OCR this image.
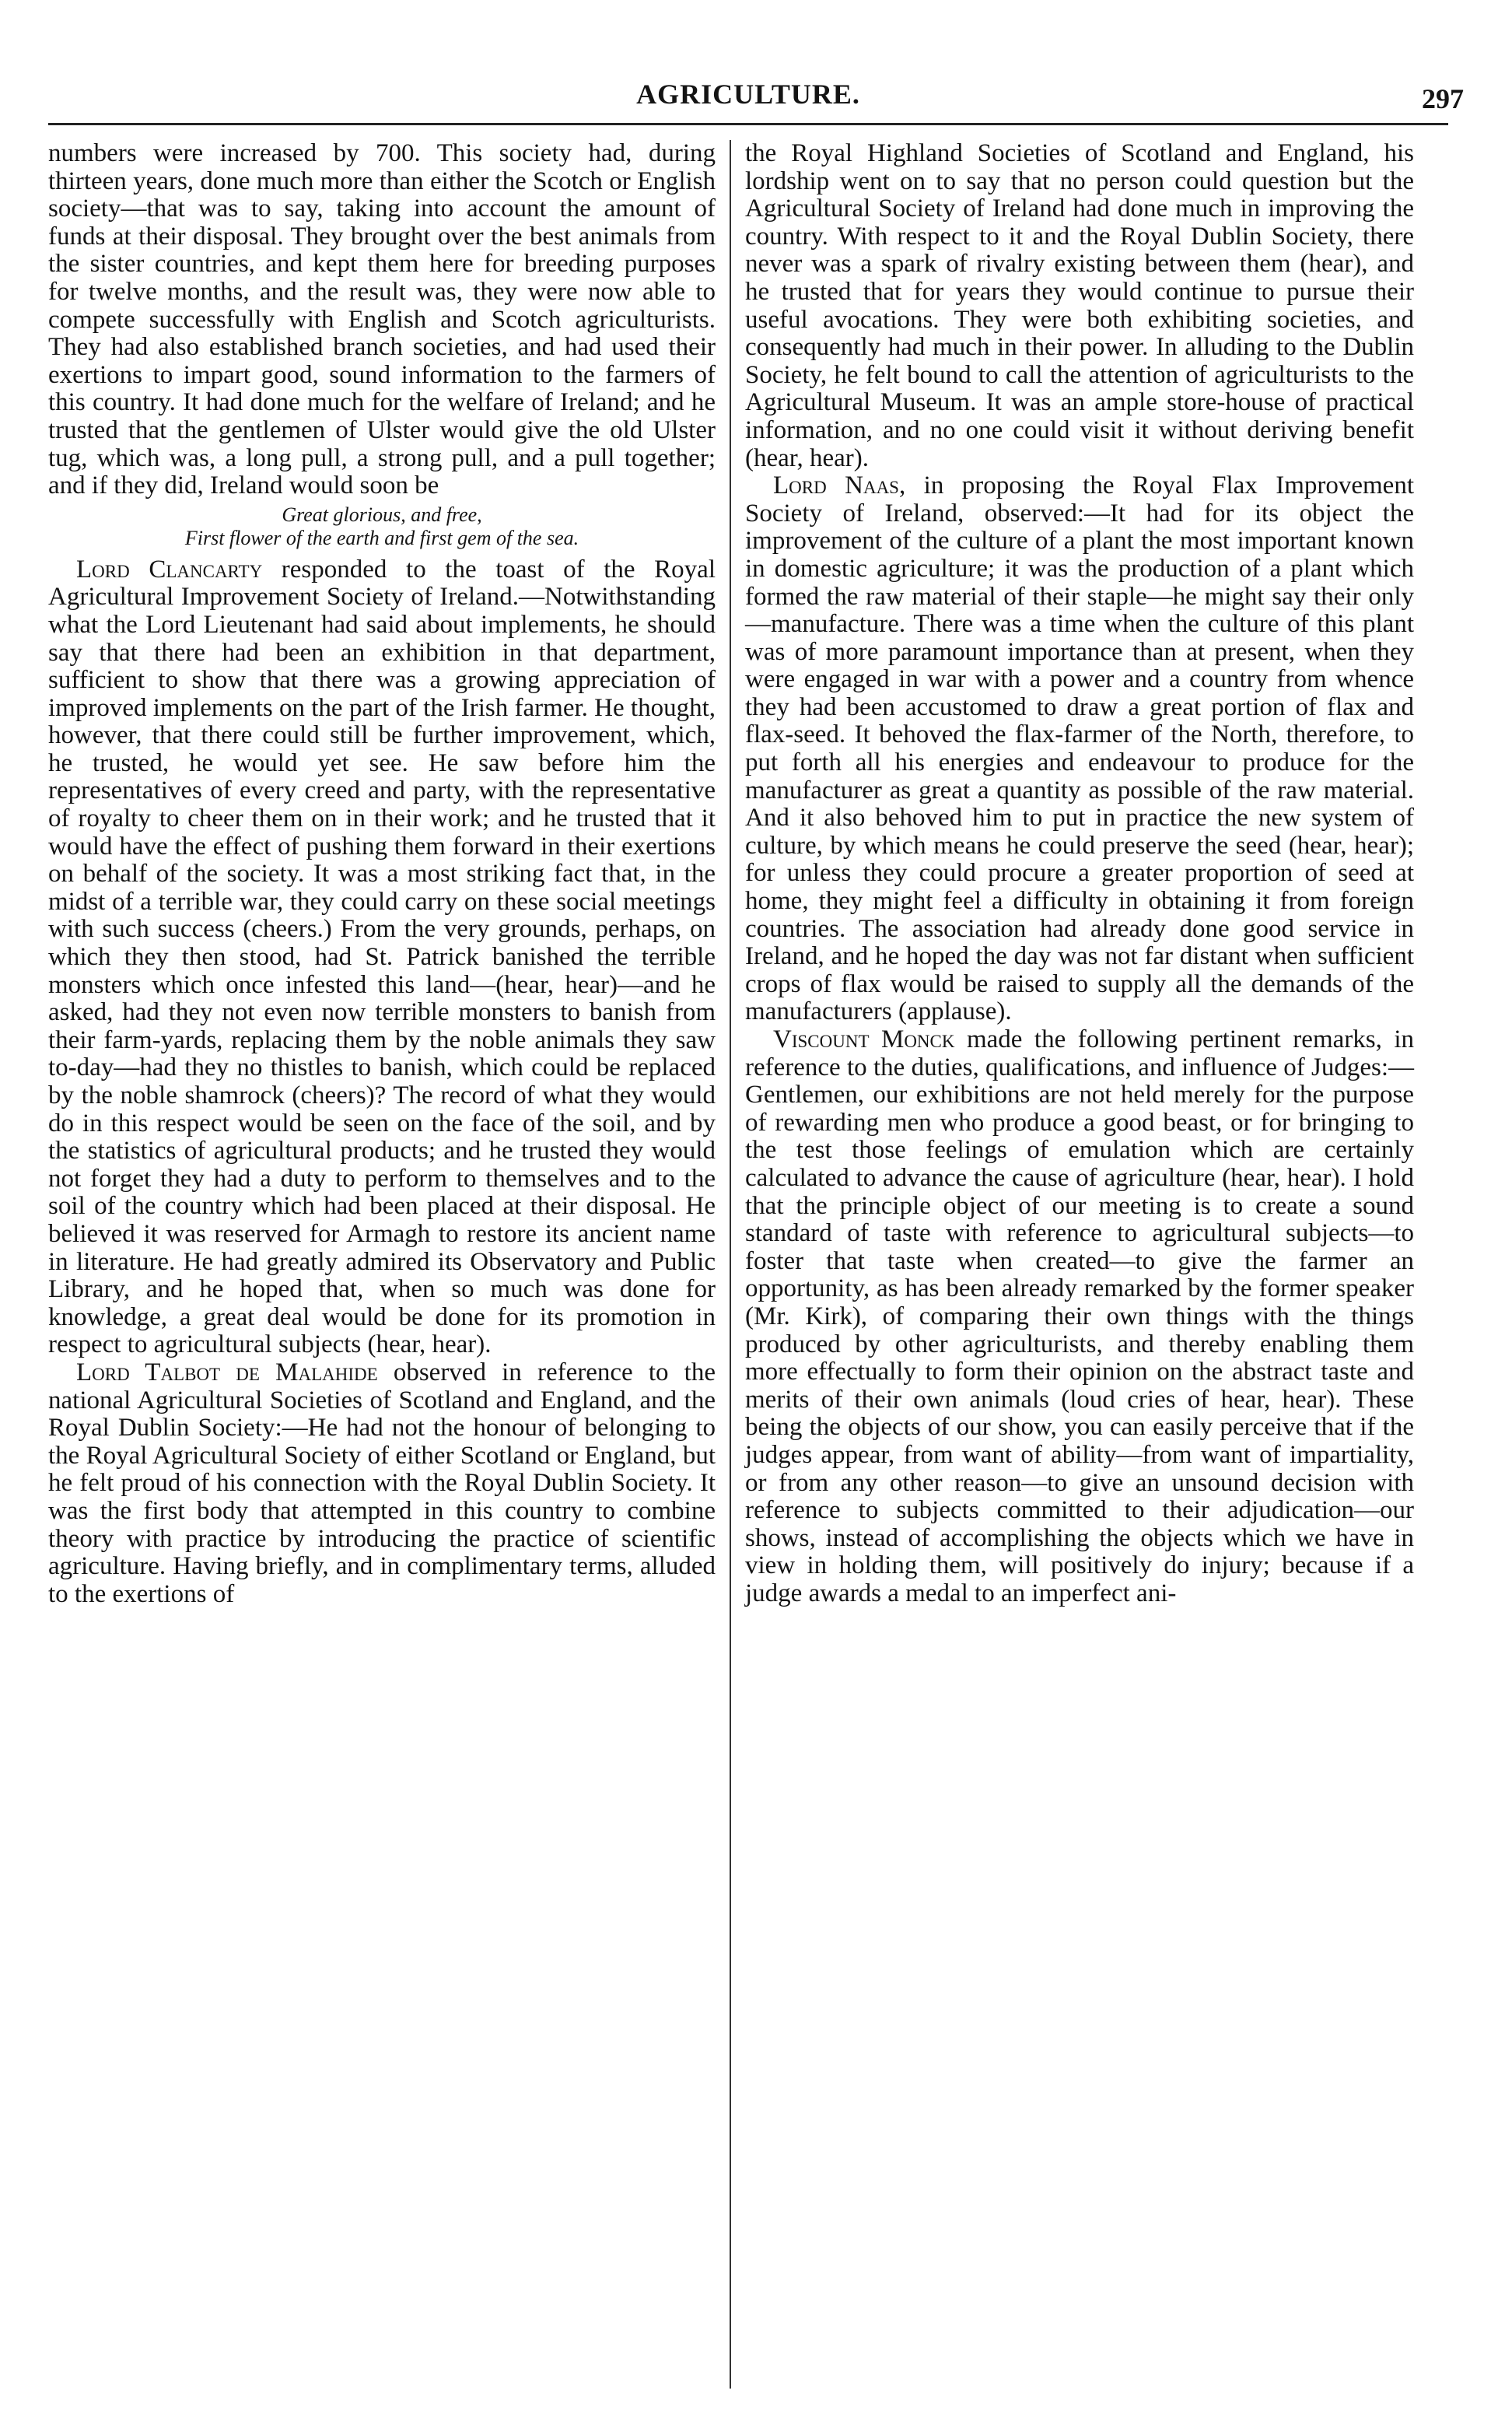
AGRICULTURE.	297

numbers were increased by 700. This society had, during thirteen years, done much more than either the Scotch or English society—that was to say, taking into account the amount of funds at their disposal. They brought over the best animals from the sister countries, and kept them here for breeding purposes for twelve months, and the result was, they were now able to compete successfully with English and Scotch agriculturists. They had also established branch societies, and had used their exertions to impart good, sound information to the farmers of this country. It had done much for the welfare of Ireland; and he trusted that the gentlemen of Ulster would give the old Ulster tug, which was, a long pull, a strong pull, and a pull together; and if they did, Ireland would soon be

Great glorious, and free,
First flower of the earth and first gem of the sea.

Lord Clancarty responded to the toast of the Royal Agricultural Improvement Society of Ireland.—Notwithstanding what the Lord Lieutenant had said about implements, he should say that there had been an exhibition in that department, sufficient to show that there was a growing appreciation of improved implements on the part of the Irish farmer. He thought, however, that there could still be further improvement, which, he trusted, he would yet see. He saw before him the representatives of every creed and party, with the representative of royalty to cheer them on in their work; and he trusted that it would have the effect of pushing them forward in their exertions on behalf of the society. It was a most striking fact that, in the midst of a terrible war, they could carry on these social meetings with such success (cheers.) From the very grounds, perhaps, on which they then stood, had St. Patrick banished the terrible monsters which once infested this land—(hear, hear)—and he asked, had they not even now terrible monsters to banish from their farm-yards, replacing them by the noble animals they saw to-day—had they no thistles to banish, which could be replaced by the noble shamrock (cheers)? The record of what they would do in this respect would be seen on the face of the soil, and by the statistics of agricultural products; and he trusted they would not forget they had a duty to perform to themselves and to the soil of the country which had been placed at their disposal. He believed it was reserved for Armagh to restore its ancient name in literature. He had greatly admired its Observatory and Public Library, and he hoped that, when so much was done for knowledge, a great deal would be done for its promotion in respect to agricultural subjects (hear, hear).

Lord Talbot de Malahide observed in reference to the national Agricultural Societies of Scotland and England, and the Royal Dublin Society:—He had not the honour of belonging to the Royal Agricultural Society of either Scotland or England, but he felt proud of his connection with the Royal Dublin Society. It was the first body that attempted in this country to combine theory with practice by introducing the practice of scientific agriculture. Having briefly, and in complimentary terms, alluded to the exertions of

the Royal Highland Societies of Scotland and England, his lordship went on to say that no person could question but the Agricultural Society of Ireland had done much in improving the country. With respect to it and the Royal Dublin Society, there never was a spark of rivalry existing between them (hear), and he trusted that for years they would continue to pursue their useful avocations. They were both exhibiting societies, and consequently had much in their power. In alluding to the Dublin Society, he felt bound to call the attention of agriculturists to the Agricultural Museum. It was an ample store-house of practical information, and no one could visit it without deriving benefit (hear, hear).

Lord Naas, in proposing the Royal Flax Improvement Society of Ireland, observed:—It had for its object the improvement of the culture of a plant the most important known in domestic agriculture; it was the production of a plant which formed the raw material of their staple—he might say their only—manufacture. There was a time when the culture of this plant was of more paramount importance than at present, when they were engaged in war with a power and a country from whence they had been accustomed to draw a great portion of flax and flax-seed. It behoved the flax-farmer of the North, therefore, to put forth all his energies and endeavour to produce for the manufacturer as great a quantity as possible of the raw material. And it also behoved him to put in practice the new system of culture, by which means he could preserve the seed (hear, hear); for unless they could procure a greater proportion of seed at home, they might feel a difficulty in obtaining it from foreign countries. The association had already done good service in Ireland, and he hoped the day was not far distant when sufficient crops of flax would be raised to supply all the demands of the manufacturers (applause).

Viscount Monck made the following pertinent remarks, in reference to the duties, qualifications, and influence of Judges:—Gentlemen, our exhibitions are not held merely for the purpose of rewarding men who produce a good beast, or for bringing to the test those feelings of emulation which are certainly calculated to advance the cause of agriculture (hear, hear). I hold that the principle object of our meeting is to create a sound standard of taste with reference to agricultural subjects—to foster that taste when created—to give the farmer an opportunity, as has been already remarked by the former speaker (Mr. Kirk), of comparing their own things with the things produced by other agriculturists, and thereby enabling them more effectually to form their opinion on the abstract taste and merits of their own animals (loud cries of hear, hear). These being the objects of our show, you can easily perceive that if the judges appear, from want of ability—from want of impartiality, or from any other reason—to give an unsound decision with reference to subjects committed to their adjudication—our shows, instead of accomplishing the objects which we have in view in holding them, will positively do injury; because if a judge awards a medal to an imperfect ani-
